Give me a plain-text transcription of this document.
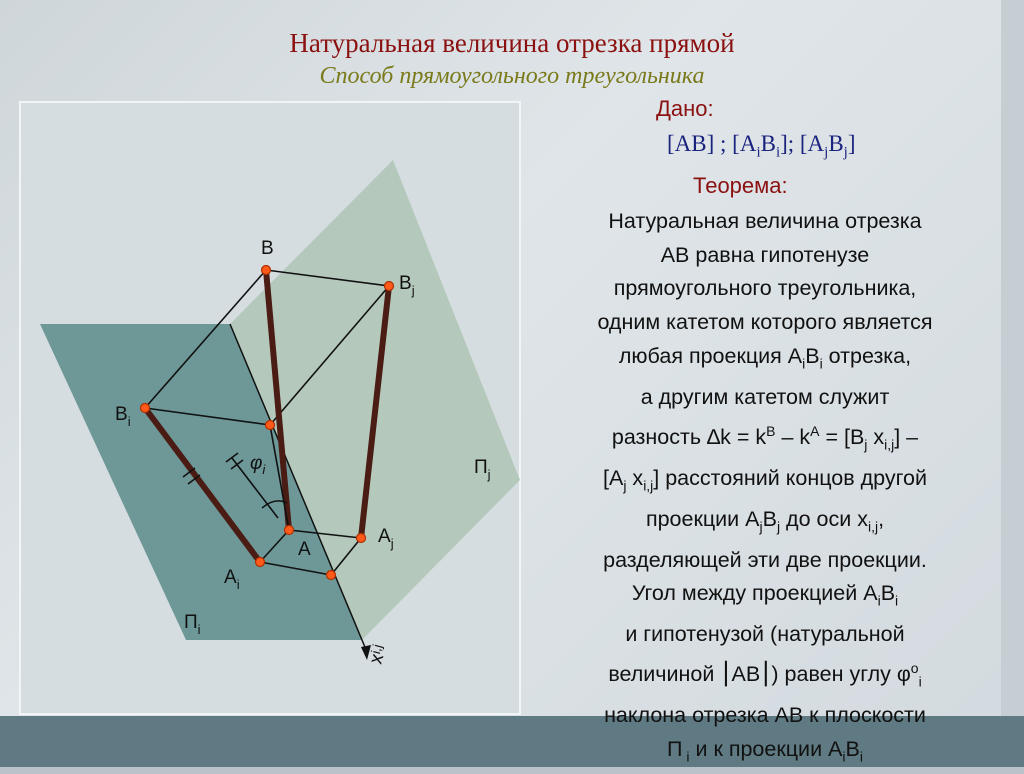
B
$B_j$
$B_i$
A
$A_j$
$A_i$
$\varphi_i$
$П_i$
$П_j$
$x^{i,j}$
Натуральная величина отрезка прямой
Способ прямоугольного треугольника
Дано:
[AB] ; $[A_iB_i]$; $[A_jB_j]$
Теорема:
Натуральная величина отрезка
AB равна гипотенузе
прямоугольного треугольника,
одним катетом которого является
любая проекция $A_iB_i$ отрезка,
а другим катетом служит
разность $\Delta k = k^B - k^A = [B_j$ $x_{i,j}$] –
[$A_j$ $x_{i,j}$] расстояний концов другой
проекции $A_jB_j$ до оси $x_{i,j}$,
разделяющей эти две проекции.
Угол между проекцией $A_iB_i$
и гипотенузой (натуральной
величиной ⎮AB⎮) равен углу $\varphi^o_i$
наклона отрезка AB к плоскости
П $_i$ и к проекции $A_iB_i$
